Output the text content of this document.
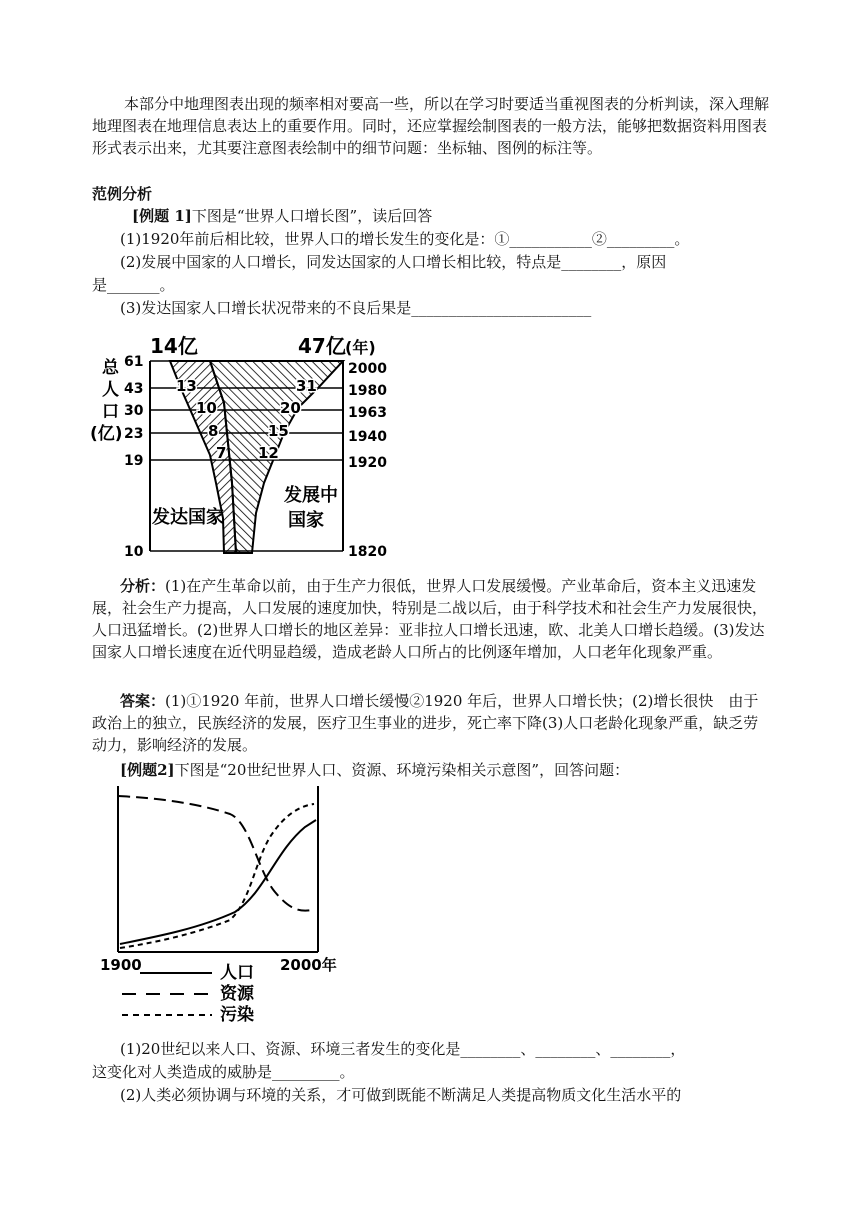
本部分中地理图表出现的频率相对要高一些，所以在学习时要适当重视图表的分析判读，深入理解地理图表在地理信息表达上的重要作用。同时，还应掌握绘制图表的一般方法，能够把数据资料用图表形式表示出来，尤其要注意图表绘制中的细节问题：坐标轴、图例的标注等。

范例分析
[例题 1]下图是“世界人口增长图”，读后回答
(1)1920年前后相比较，世界人口的增长发生的变化是：①___________②_________。
(2)发展中国家的人口增长，同发达国家的人口增长相比较，特点是________，原因
是_______。
(3)发达国家人口增长状况带来的不良后果是________________________
14亿	47亿 (年)
总
人
口
(亿)
61
43
30
23
19
10
2000
1980
1963
1940
1920
1820
13
10
8
7
31
20
15
12
发达国家
发展中
国家

分析：(1)在产生革命以前，由于生产力很低，世界人口发展缓慢。产业革命后，资本主义迅速发展，社会生产力提高，人口发展的速度加快，特别是二战以后，由于科学技术和社会生产力发展很快，人口迅猛增长。(2)世界人口增长的地区差异：亚非拉人口增长迅速，欧、北美人口增长趋缓。(3)发达国家人口增长速度在近代明显趋缓，造成老龄人口所占的比例逐年增加，人口老年化现象严重。

答案：(1)①1920 年前，世界人口增长缓慢②1920 年后，世界人口增长快；(2)增长很快　由于政治上的独立，民族经济的发展，医疗卫生事业的进步，死亡率下降(3)人口老龄化现象严重，缺乏劳动力，影响经济的发展。

[例题2]下图是“20世纪世界人口、资源、环境污染相关示意图”，回答问题：
1900	2000年
人口
资源
污染
(1)20世纪以来人口、资源、环境三者发生的变化是________、________、________，
这变化对人类造成的威胁是_________。
(2)人类必须协调与环境的关系，才可做到既能不断满足人类提高物质文化生活水平的
